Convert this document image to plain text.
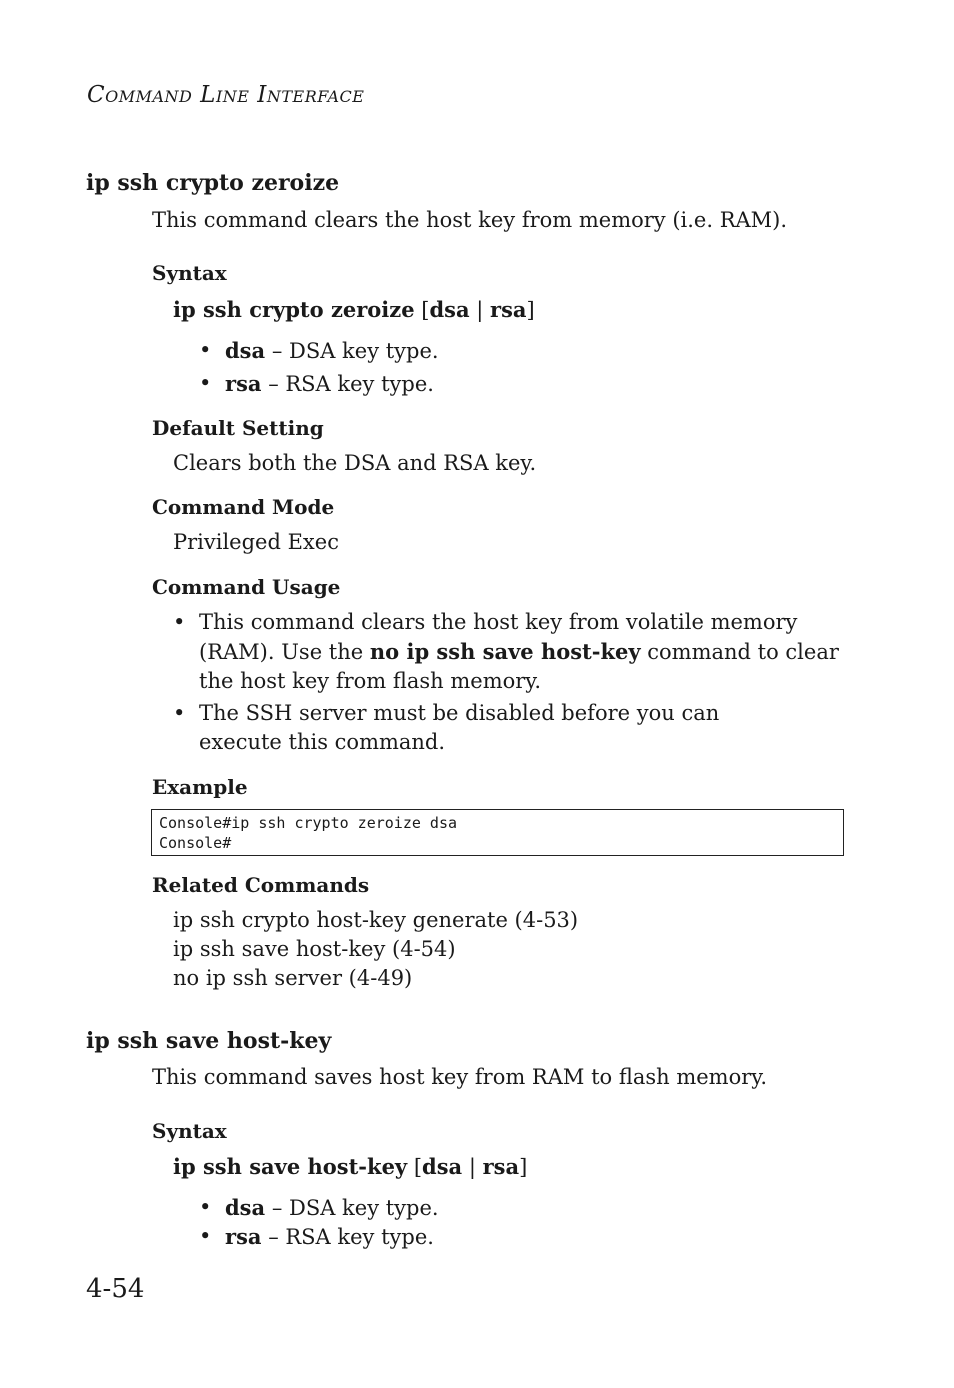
Command Line Interface
ip ssh crypto zeroize
This command clears the host key from memory (i.e. RAM).
Syntax
ip ssh crypto zeroize [dsa | rsa]
• dsa – DSA key type.
• rsa – RSA key type.
Default Setting
Clears both the DSA and RSA key.
Command Mode
Privileged Exec
Command Usage
• This command clears the host key from volatile memory (RAM). Use the no ip ssh save host-key command to clear the host key from flash memory.
• The SSH server must be disabled before you can execute this command.
Example
Console#ip ssh crypto zeroize dsa
Console#
Related Commands
ip ssh crypto host-key generate (4-53)
ip ssh save host-key (4-54)
no ip ssh server (4-49)
ip ssh save host-key
This command saves host key from RAM to flash memory.
Syntax
ip ssh save host-key [dsa | rsa]
• dsa – DSA key type.
• rsa – RSA key type.
4-54
